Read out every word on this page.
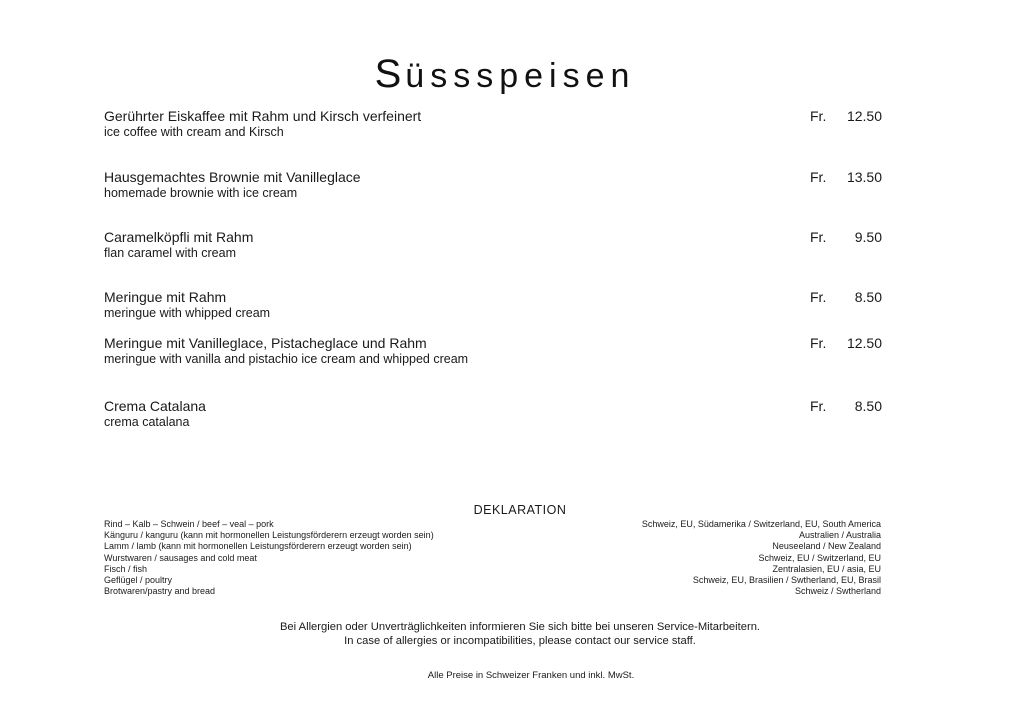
Süssspeisen
Gerührter Eiskaffee mit Rahm und Kirsch verfeinert
ice coffee with cream and Kirsch
Fr. 12.50
Hausgemachtes Brownie mit Vanilleglace
homemade brownie with ice cream
Fr. 13.50
Caramelköpfli mit Rahm
flan caramel with cream
Fr. 9.50
Meringue mit Rahm
meringue with whipped cream
Fr. 8.50
Meringue mit Vanilleglace, Pistacheglace und Rahm
meringue with vanilla and pistachio ice cream and whipped cream
Fr. 12.50
Crema Catalana
crema catalana
Fr. 8.50
DEKLARATION
Rind – Kalb – Schwein / beef – veal – pork	Schweiz, EU, Südamerika / Switzerland, EU, South America
Känguru / kanguru (kann mit hormonellen Leistungsförderern erzeugt worden sein)	Australien / Australia
Lamm / lamb (kann mit hormonellen Leistungsförderern erzeugt worden sein)	Neuseeland / New Zealand
Wurstwaren / sausages and cold meat	Schweiz, EU / Switzerland, EU
Fisch / fish	Zentralasien, EU / asia, EU
Geflügel / poultry	Schweiz, EU, Brasilien / Swtherland, EU, Brasil
Brotwaren/pastry and bread	Schweiz / Swtherland
Bei Allergien oder Unverträglichkeiten informieren Sie sich bitte bei unseren Service-Mitarbeitern.
In case of allergies or incompatibilities, please contact our service staff.
Alle Preise in Schweizer Franken und inkl. MwSt.
